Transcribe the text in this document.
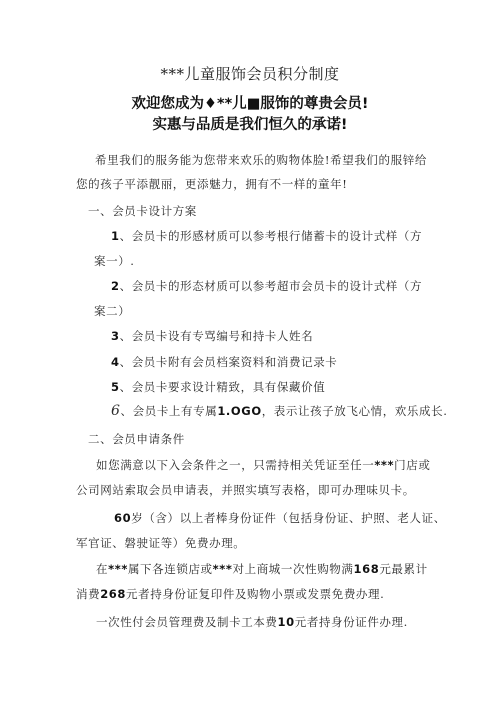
***儿童服饰会员积分制度
欢迎您成为♦**儿■服饰的尊贵会员!
实惠与品质是我们恒久的承诺!
希里我们的服务能为您带来欢乐的购物体脸!希望我们的服锌给
您的孩子平添靓丽，更添魅力，拥有不一样的童年!
一、会员卡设计方案
1、会员卡的形感材质可以参考根行储蓄卡的设计式样（方
案一）.
2、会员卡的形态材质可以参考超市会员卡的设计式样（方
案二）
3、会员卡设有专骂编号和持卡人姓名
4、会员卡附有会员档案资料和消费记录卡
5、会员卡要求设计精致，具有保藏价值
6、会员卡上有专属1.OGO，表示让孩子放飞心情，欢乐成长.
二、会员申请条件
如您满意以下入会条件之一，只需持相关凭证至任一***门店或
公司网站索取会员申请表，并照实填写表格，即可办理味贝卡。
60岁（含）以上者棒身份证件（包括身份证、护照、老人证、
军官证、磐驶证等）免费办理。
在***属下各连锁店或***对上商城一次性购物满168元最累计
消费268元者持身份证复印件及购物小票或发票免费办理.
一次性付会员管理费及制卡工本费10元者持身份证件办理.
